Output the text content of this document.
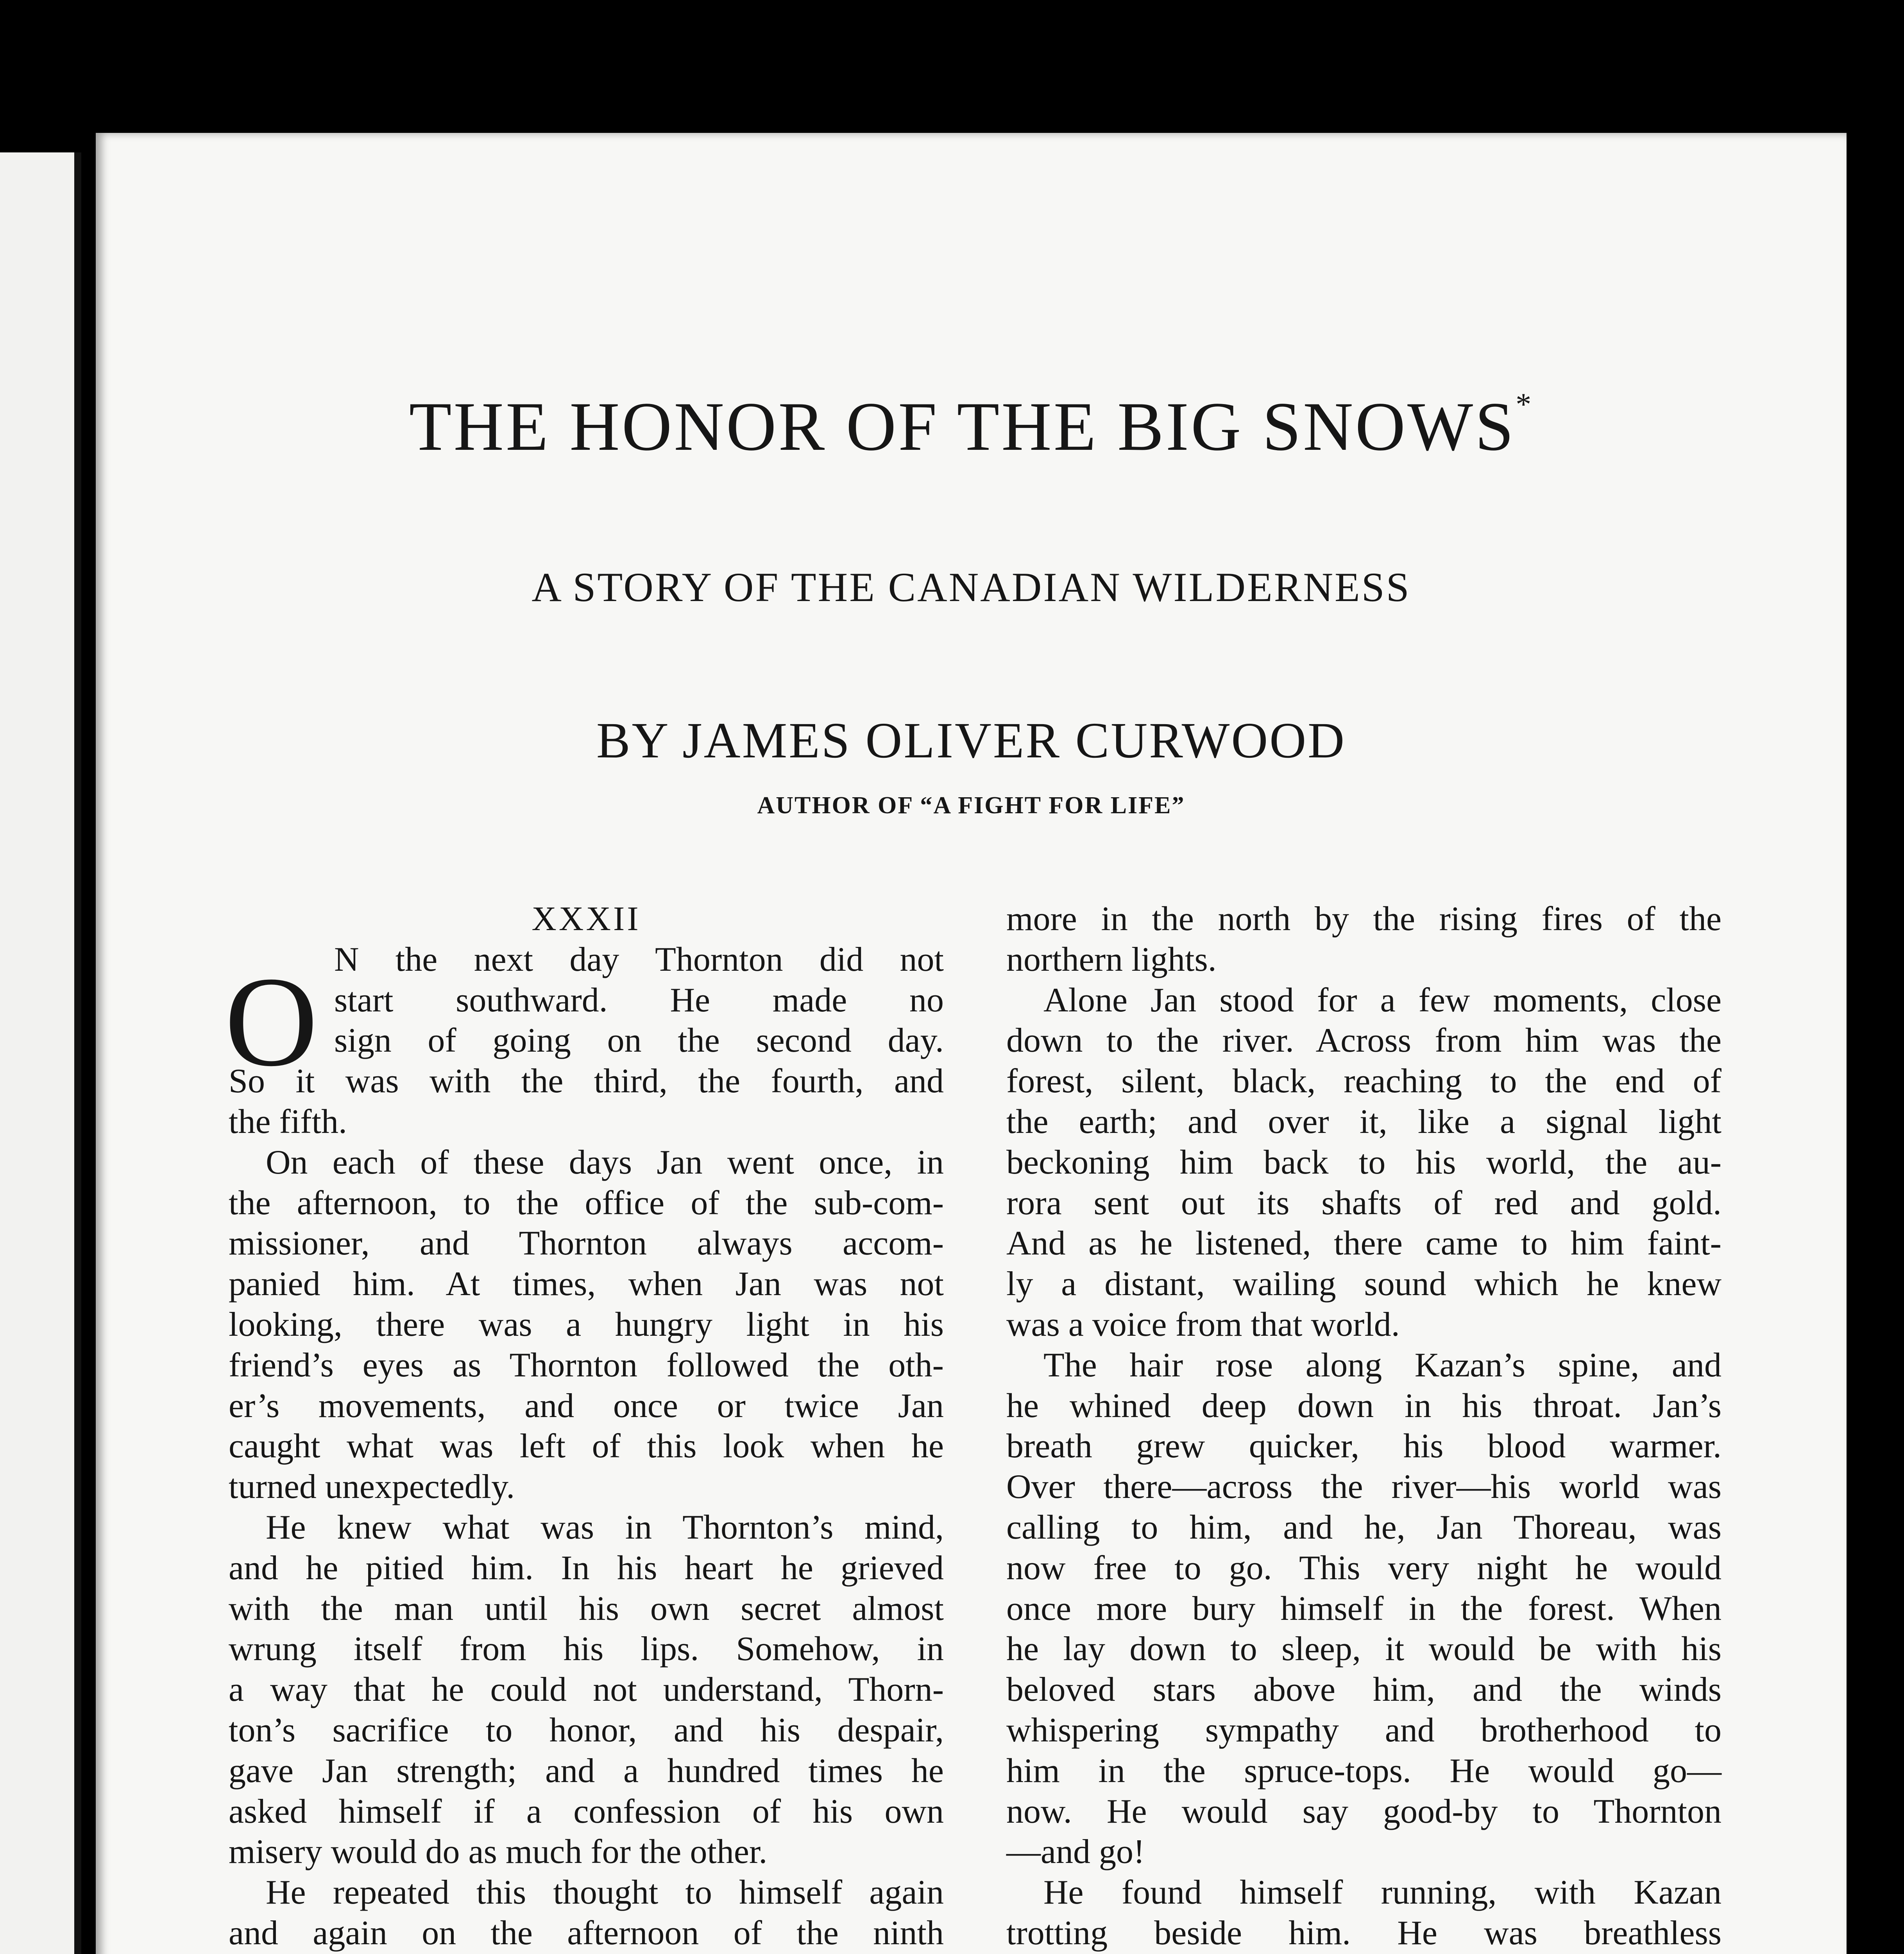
THE HONOR OF THE BIG SNOWS*
A STORY OF THE CANADIAN WILDERNESS
BY JAMES OLIVER CURWOOD

AUTHOR OF “A FIGHT FOR LIFE”

XXXII
O N the next day Thornton did not
start southward. He made no
sign of going on the second day.
So it was with the third, the fourth, and
the fifth.
On each of these days Jan went once, in
the afternoon, to the office of the sub-com-
missioner, and Thornton always accom-
panied him. At times, when Jan was not
looking, there was a hungry light in his
friend’s eyes as Thornton followed the oth-
er’s movements, and once or twice Jan
caught what was left of this look when he
turned unexpectedly.
He knew what was in Thornton’s mind,
and he pitied him. In his heart he grieved
with the man until his own secret almost
wrung itself from his lips. Somehow, in
a way that he could not understand, Thorn-
ton’s sacrifice to honor, and his despair,
gave Jan strength; and a hundred times he
asked himself if a confession of his own
misery would do as much for the other.
He repeated this thought to himself again
and again on the afternoon of the ninth
more in the north by the rising fires of the
northern lights.
Alone Jan stood for a few moments, close
down to the river. Across from him was the
forest, silent, black, reaching to the end of
the earth; and over it, like a signal light
beckoning him back to his world, the au-
rora sent out its shafts of red and gold.
And as he listened, there came to him faint-
ly a distant, wailing sound which he knew
was a voice from that world.
The hair rose along Kazan’s spine, and
he whined deep down in his throat. Jan’s
breath grew quicker, his blood warmer.
Over there—across the river—his world was
calling to him, and he, Jan Thoreau, was
now free to go. This very night he would
once more bury himself in the forest. When
he lay down to sleep, it would be with his
beloved stars above him, and the winds
whispering sympathy and brotherhood to
him in the spruce-tops. He would go—
now. He would say good-by to Thornton
—and go!
He found himself running, with Kazan
trotting beside him. He was breathless
